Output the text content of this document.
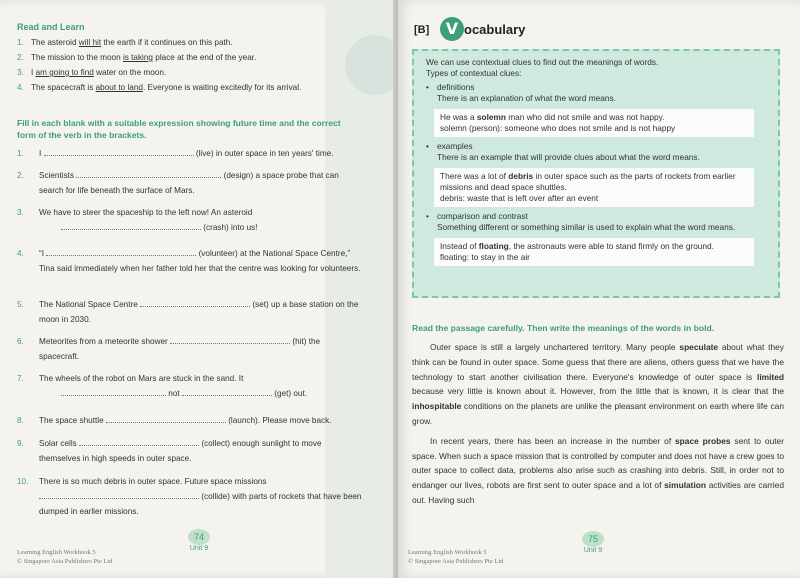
Read and Learn
1. The asteroid will hit the earth if it continues on this path.
2. The mission to the moon is taking place at the end of the year.
3. I am going to find water on the moon.
4. The spacecraft is about to land. Everyone is waiting excitedly for its arrival.
Fill in each blank with a suitable expression showing future time and the correct form of the verb in the brackets.
1.	I	(live) in outer space in ten years' time.
2.	Scientists	(design) a space probe that can search for life beneath the surface of Mars.
3.	We have to steer the spaceship to the left now! An asteroid  (crash) into us!
4.	“I	(volunteer) at the National Space Centre,” Tina said immediately when her father told her that the centre was looking for volunteers.
5.	The National Space Centre	(set) up a base station on the moon in 2030.
6.	Meteorites from a meteorite shower	(hit) the spacecraft.
7.	The wheels of the robot on Mars are stuck in the sand. It  not	(get) out.
8.	The space shuttle	(launch). Please move back.
9.	Solar cells	(collect) enough sunlight to move themselves in high speeds in outer space.
10.	There is so much debris in outer space. Future space missions  (collide) with parts of rockets that have been dumped in earlier missions.
74
Unit 9
Learning English Workbook 5
© Singapore Asia Publishers Pte Ltd
[B]	V ocabulary
We can use contextual clues to find out the meanings of words.
Types of contextual clues:
• definitions
There is an explanation of what the word means.
He was a solemn man who did not smile and was not happy.
solemn (person): someone who does not smile and is not happy
• examples
There is an example that will provide clues about what the word means.
There was a lot of debris in outer space such as the parts of rockets from earlier missions and dead space shuttles.
debris: waste that is left over after an event
• comparison and contrast
Something different or something similar is used to explain what the word means.
Instead of floating, the astronauts were able to stand firmly on the ground.
floating: to stay in the air
Read the passage carefully. Then write the meanings of the words in bold.

Outer space is still a largely unchartered territory. Many people speculate about what they think can be found in outer space. Some guess that there are aliens, others guess that we have the technology to start another civilisation there. Everyone's knowledge of outer space is limited because very little is known about it. However, from the little that is known, it is clear that the inhospitable conditions on the planets are unlike the pleasant environment on earth where life can grow.

In recent years, there has been an increase in the number of space probes sent to outer space. When such a space mission that is controlled by computer and does not have a crew goes to outer space to collect data, problems also arise such as crashing into debris. Still, in order not to endanger our lives, robots are first sent to outer space and a lot of simulation activities are carried out. Having such

75
Unit 9
Learning English Workbook 5
© Singapore Asia Publishers Pte Ltd
